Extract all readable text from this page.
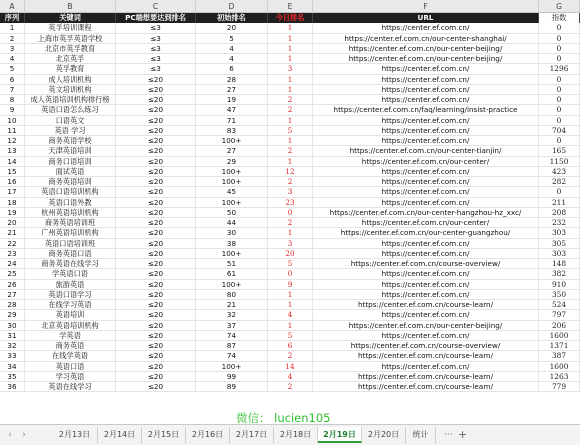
A	B	C	D	E	F	G
序列	关键词	PC端想要达到排名	初始排名	今日排名	URL	指数
1	英孚培训课程	≤3	20	1	https://center.ef.com.cn/	0
2	上海市英孚英语学校	≤3	5	1	https://center.ef.com.cn/our-center-shanghai/	0
3	北京市英孚教育	≤3	4	1	https://center.ef.com.cn/our-center-beijing/	0
4	北京英孚	≤3	4	1	https://center.ef.com.cn/our-center-beijing/	0
5	英孚教育	≤3	6	3	https://center.ef.com.cn/	1296
6	成人培训机构	≤20	28	1	https://center.ef.com.cn/	0
7	英文培训机构	≤20	27	1	https://center.ef.com.cn/	0
8	成人英语培训机构排行榜	≤20	19	2	https://center.ef.com.cn/	0
9	英语口语怎么练习	≤20	47	2	https://center.ef.com.cn/faq/learning/insist-practice	0
10	口语英文	≤20	71	1	https://center.ef.com.cn/	0
11	英语 学习	≤20	83	5	https://center.ef.com.cn/	704
12	商务英语学校	≤20	100+	1	https://center.ef.com.cn/	0
13	天津英语培训	≤20	27	2	https://center.ef.com.cn/our-center-tianjin/	165
14	商务口语培训	≤20	29	1	https://center.ef.com.cn/our-center/	1150
15	面试英语	≤20	100+	12	https://center.ef.com.cn/	423
16	商务英语培训	≤20	100+	2	https://center.ef.com.cn/	282
17	英语口语培训机构	≤20	45	3	https://center.ef.com.cn/	0
18	英语口语外教	≤20	100+	23	https://center.ef.com.cn/	211
19	杭州英语培训机构	≤20	50	0	https://center.ef.com.cn/our-center-hangzhou-hz_xxc/	208
20	商务英语培训班	≤20	44	2	https://center.ef.com.cn/our-center/	232
21	广州英语培训机构	≤20	30	1	https://center.ef.com.cn/our-center-guangzhou/	303
22	英语口语培训班	≤20	38	3	https://center.ef.com.cn/	305
23	商务英语口语	≤20	100+	20	https://center.ef.com.cn/	303
24	商务英语在线学习	≤20	51	5	https://center.ef.com.cn/course-overview/	148
25	学英语口语	≤20	61	0	https://center.ef.com.cn/	382
26	旅游英语	≤20	100+	9	https://center.ef.com.cn/	910
27	英语口语学习	≤20	80	1	https://center.ef.com.cn/	350
28	在线学习英语	≤20	21	1	https://center.ef.com.cn/course-learn/	524
29	英语培训	≤20	32	4	https://center.ef.com.cn/	797
30	北京英语培训机构	≤20	37	1	https://center.ef.com.cn/our-center-beijing/	206
31	学英语	≤20	74	5	https://center.ef.com.cn/	1600
32	商务英语	≤20	87	6	https://center.ef.com.cn/course-overview/	1371
33	在线学英语	≤20	74	2	https://center.ef.com.cn/course-learn/	387
34	英语口语	≤20	100+	14	https://center.ef.com.cn/	1600
35	学习英语	≤20	99	4	https://center.ef.com.cn/course-learn/	1263
36	英语在线学习	≤20	89	2	https://center.ef.com.cn/course-learn/	779
微信： lucien105
‹	›	2月13日	2月14日	2月15日	2月16日	2月17日	2月18日	2月19日	2月20日	统计	··· +
